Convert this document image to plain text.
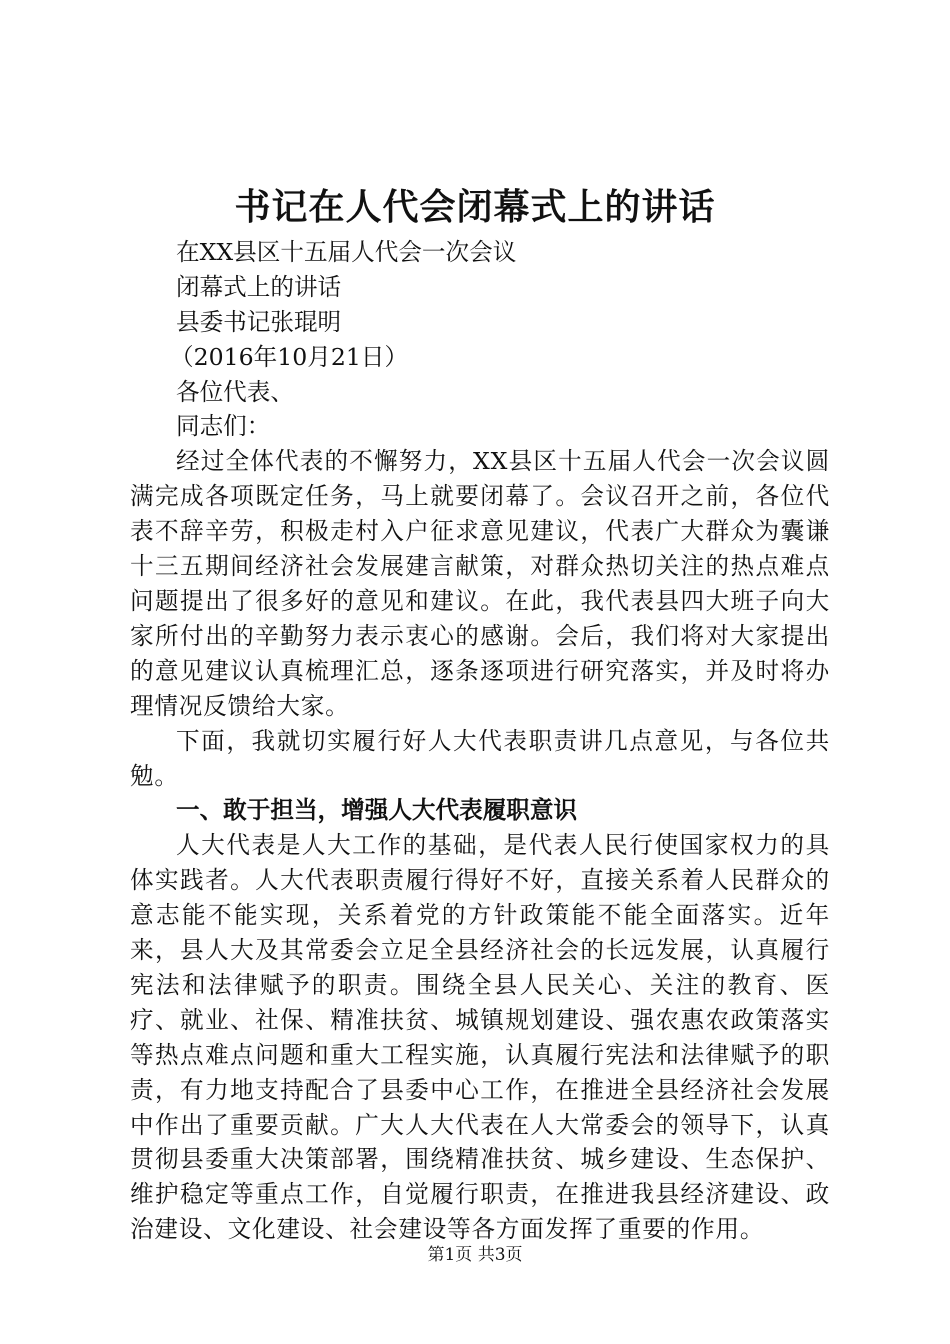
书记在人代会闭幕式上的讲话
在XX县区十五届人代会一次会议
闭幕式上的讲话
县委书记张琨明
（2016年10月21日）
各位代表、
同志们：

经过全体代表的不懈努力，XX县区十五届人代会一次会议圆满完成各项既定任务，马上就要闭幕了。会议召开之前，各位代表不辞辛劳，积极走村入户征求意见建议，代表广大群众为囊谦十三五期间经济社会发展建言献策，对群众热切关注的热点难点问题提出了很多好的意见和建议。在此，我代表县四大班子向大家所付出的辛勤努力表示衷心的感谢。会后，我们将对大家提出的意见建议认真梳理汇总，逐条逐项进行研究落实，并及时将办理情况反馈给大家。

下面，我就切实履行好人大代表职责讲几点意见，与各位共勉。

一、敢于担当，增强人大代表履职意识

人大代表是人大工作的基础，是代表人民行使国家权力的具体实践者。人大代表职责履行得好不好，直接关系着人民群众的意志能不能实现，关系着党的方针政策能不能全面落实。近年来，县人大及其常委会立足全县经济社会的长远发展，认真履行宪法和法律赋予的职责。围绕全县人民关心、关注的教育、医疗、就业、社保、精准扶贫、城镇规划建设、强农惠农政策落实等热点难点问题和重大工程实施，认真履行宪法和法律赋予的职责，有力地支持配合了县委中心工作，在推进全县经济社会发展中作出了重要贡献。广大人大代表在人大常委会的领导下，认真贯彻县委重大决策部署，围绕精准扶贫、城乡建设、生态保护、维护稳定等重点工作，自觉履行职责，在推进我县经济建设、政治建设、文化建设、社会建设等各方面发挥了重要的作用。

第1页 共3页
